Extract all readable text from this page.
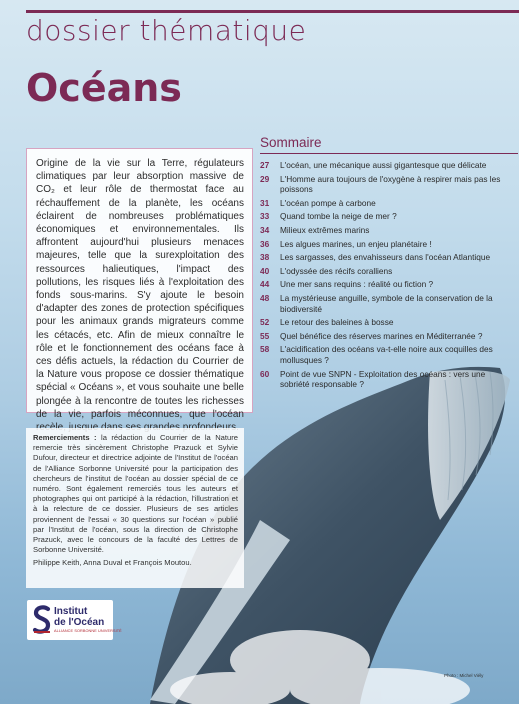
dossier thématique
Océans

Origine de la vie sur la Terre, régulateurs climatiques par leur absorption massive de CO₂ et leur rôle de thermostat face au réchauffement de la planète, les océans éclairent de nombreuses problématiques économiques et environnementales. Ils affrontent aujourd'hui plusieurs menaces majeures, telle que la surexploitation des ressources halieutiques, l'impact des pollutions, les risques liés à l'exploitation des fonds sous-marins. S'y ajoute le besoin d'adapter des zones de protection spécifiques pour les animaux grands migrateurs comme les cétacés, etc. Afin de mieux connaître le rôle et le fonctionnement des océans face à ces défis actuels, la rédaction du Courrier de la Nature vous propose ce dossier thématique spécial « Océans », et vous souhaite une belle plongée à la rencontre de toutes les richesses de la vie, parfois méconnues, que l'océan

Remerciements : la rédaction du Courrier de la Nature remercie très sincèrement Christophe Prazuck et Sylvie Dufour, directeur et directrice adjointe de l'Institut de l'océan de l'Alliance Sorbonne Université pour la participation des chercheurs de l'institut de l'océan au dossier spécial de ce numéro. Sont également remerciés tous les auteurs et photographes qui ont participé à la rédaction, l'illustration et à la relecture de ce dossier. Plusieurs de ses articles proviennent de l'essai « 30 questions sur l'océan » publié par l'Institut de l'océan, sous la direction de Christophe Prazuck, avec le concours de la faculté des Lettres de Sorbonne Université.
Philippe Keith, Anna Duval et François Moutou.
Institut
de l'Océan
ALLIANCE SORBONNE UNIVERSITÉ
Photo : Michel Viély
Sommaire
27	L'océan, une mécanique aussi gigantesque que délicate
29	L'Homme aura toujours de l'oxygène à respirer mais pas les poissons
31	L'océan pompe à carbone
33	Quand tombe la neige de mer ?
34	Milieux extrêmes marins
36	Les algues marines, un enjeu planétaire !
38	Les sargasses, des envahisseurs dans l'océan Atlantique
40	L'odyssée des récifs coralliens
44	Une mer sans requins : réalité ou fiction ?
48	La mystérieuse anguille, symbole de la conservation de la biodiversité
52	Le retour des baleines à bosse
55	Quel bénéfice des réserves marines en Méditerranée ?
58	L'acidification des océans va-t-elle noire aux coquilles des mollusques ?
60	Point de vue SNPN - Exploitation des océans : vers une sobriété responsable ?
